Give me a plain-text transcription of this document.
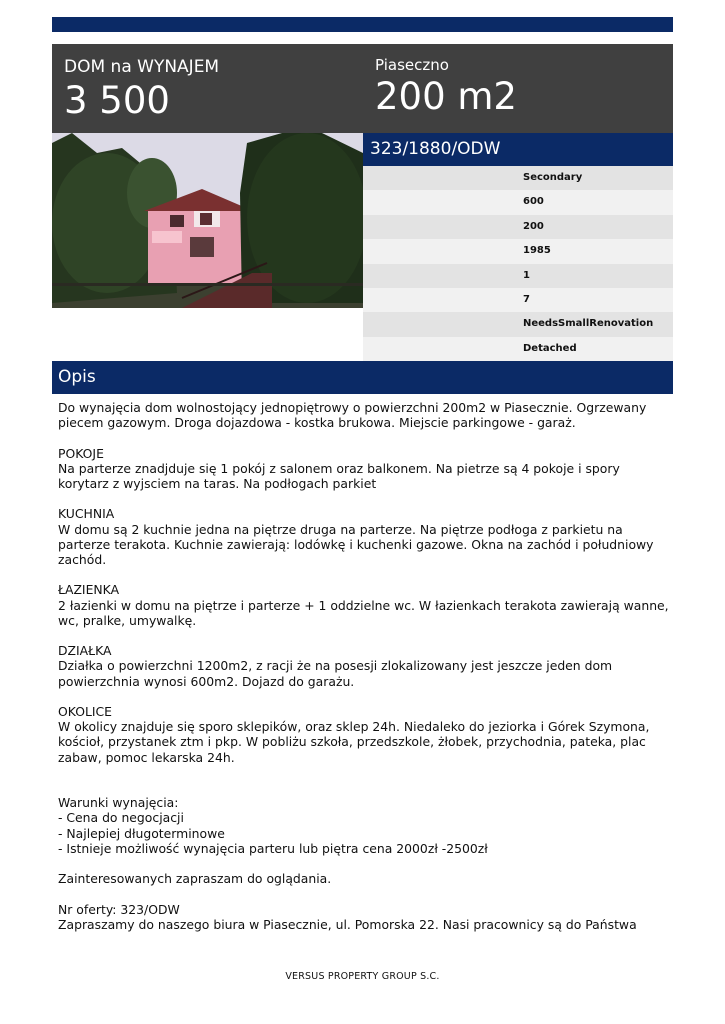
DOM na WYNAJEM
3 500
Piaseczno
200 m2
323/1880/ODW
Secondary
600
200
1985
1
7
NeedsSmallRenovation
Detached
Opis

Do wynajęcia dom wolnostojący jednopiętrowy o powierzchni 200m2 w Piasecznie. Ogrzewany piecem gazowym. Droga dojazdowa - kostka brukowa. Miejscie parkingowe - garaż.

POKOJE

Na parterze znadjduje się 1 pokój z salonem oraz balkonem. Na pietrze są 4 pokoje i spory korytarz z wyjsciem na taras. Na podłogach parkiet

KUCHNIA

W domu są 2 kuchnie jedna na piętrze druga na parterze. Na piętrze podłoga z parkietu na parterze terakota. Kuchnie zawierają: lodówkę i kuchenki gazowe. Okna na zachód i południowy zachód.

ŁAZIENKA

2 łazienki w domu na piętrze i parterze + 1 oddzielne wc. W łazienkach terakota zawierają wanne, wc, pralke, umywalkę.

DZIAŁKA

Działka o powierzchni 1200m2, z racji że na posesji zlokalizowany jest jeszcze jeden dom powierzchnia wynosi 600m2. Dojazd do garażu.

OKOLICE

W okolicy znajduje się sporo sklepików, oraz sklep 24h. Niedaleko do jeziorka i Górek Szymona, kościoł, przystanek ztm i pkp. W pobliżu szkoła, przedszkole, żłobek, przychodnia, pateka, plac zabaw, pomoc lekarska 24h.

Warunki wynajęcia:

- Cena do negocjacji

- Najlepiej długoterminowe

- Istnieje możliwość wynajęcia parteru lub piętra cena 2000zł -2500zł

Zainteresowanych zapraszam do oglądania.

Nr oferty: 323/ODW

Zapraszamy do naszego biura w Piasecznie, ul. Pomorska 22. Nasi pracownicy są do Państwa

VERSUS PROPERTY GROUP S.C.
